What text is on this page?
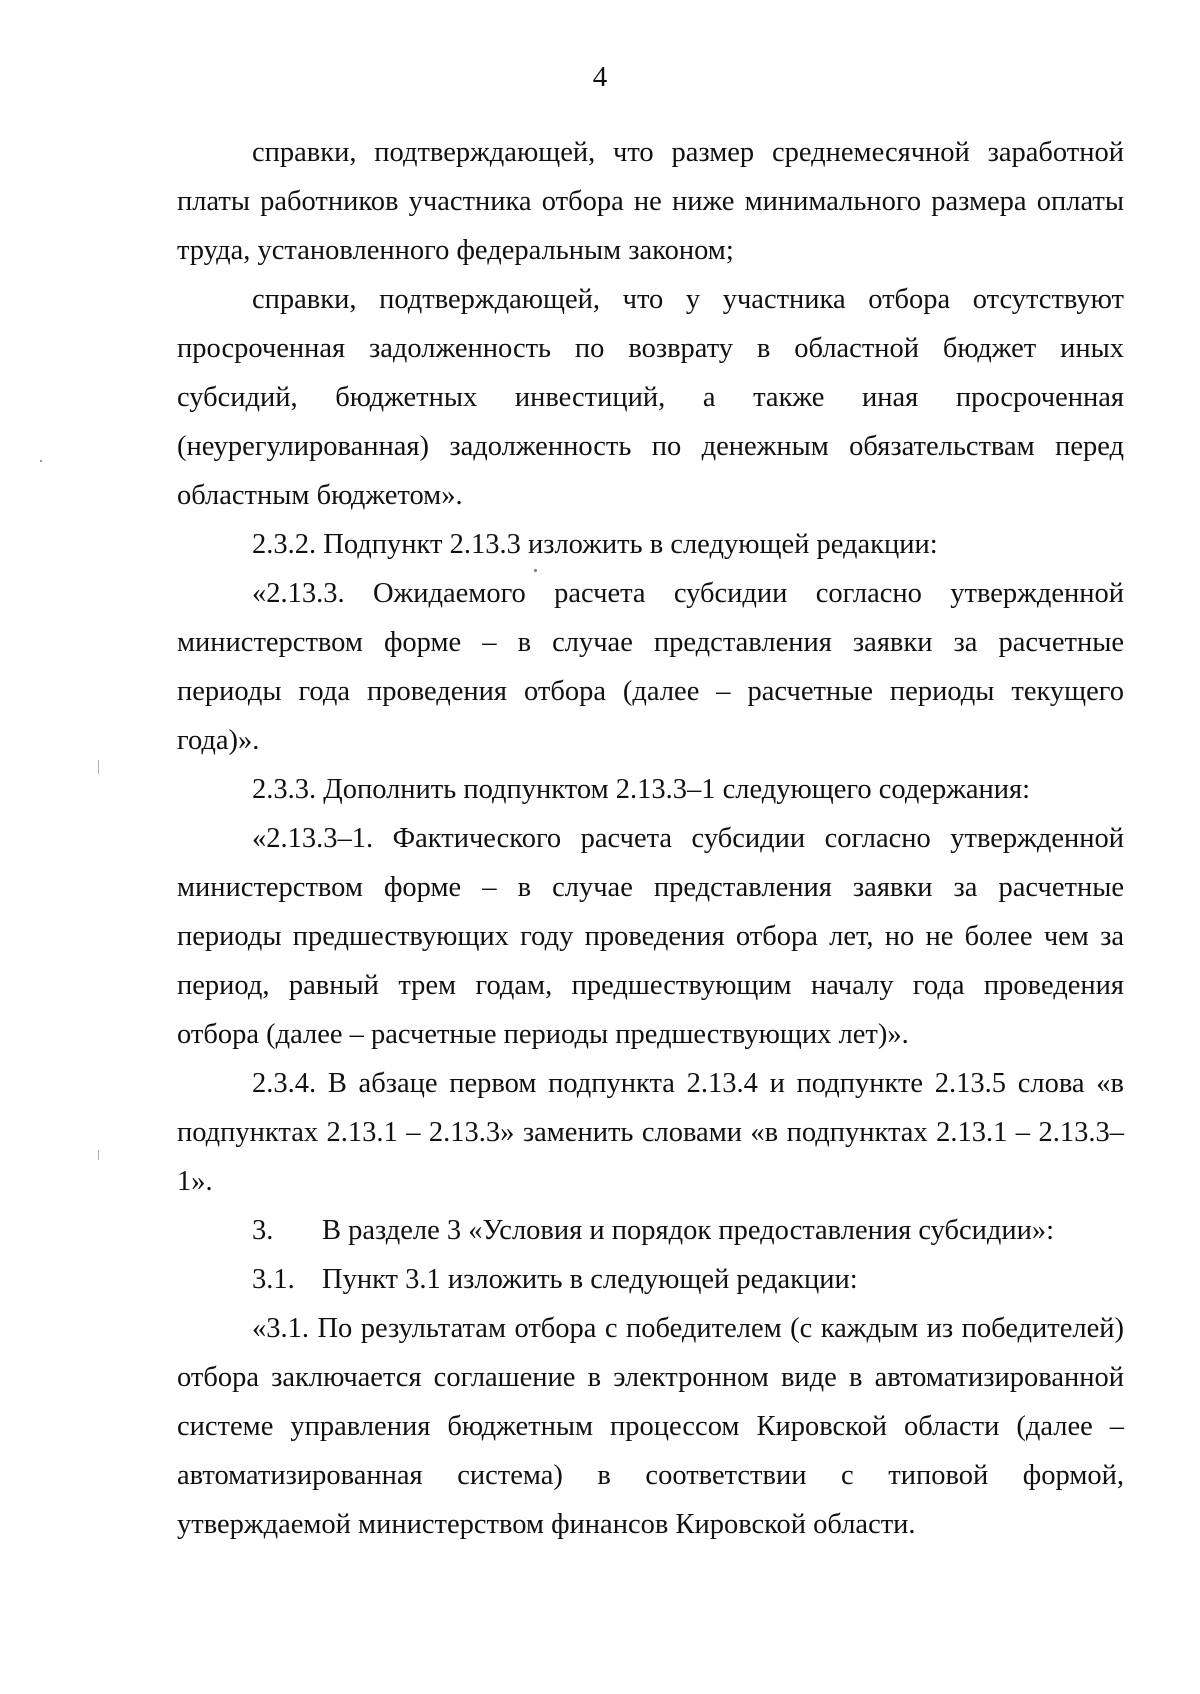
4

справки, подтверждающей, что размер среднемесячной заработной платы работников участника отбора не ниже минимального размера оплаты труда, установленного федеральным законом;

справки, подтверждающей, что у участника отбора отсутствуют просроченная задолженность по возврату в областной бюджет иных субсидий, бюджетных инвестиций, а также иная просроченная (неурегулированная) задолженность по денежным обязательствам перед областным бюджетом».

2.3.2. Подпункт 2.13.3 изложить в следующей редакции:

«2.13.3. Ожидаемого расчета субсидии согласно утвержденной министерством форме – в случае представления заявки за расчетные периоды года проведения отбора (далее – расчетные периоды текущего года)».

2.3.3. Дополнить подпунктом 2.13.3–1 следующего содержания:

«2.13.3–1. Фактического расчета субсидии согласно утвержденной министерством форме – в случае представления заявки за расчетные периоды предшествующих году проведения отбора лет, но не более чем за период, равный трем годам, предшествующим началу года проведения отбора (далее – расчетные периоды предшествующих лет)».

2.3.4. В абзаце первом подпункта 2.13.4 и подпункте 2.13.5 слова «в подпунктах 2.13.1 – 2.13.3» заменить словами «в подпунктах 2.13.1 – 2.13.3–1».

3. В разделе 3 «Условия и порядок предоставления субсидии»:

3.1. Пункт 3.1 изложить в следующей редакции:

«3.1. По результатам отбора с победителем (с каждым из победителей) отбора заключается соглашение в электронном виде в автоматизированной системе управления бюджетным процессом Кировской области (далее – автоматизированная система) в соответствии с типовой формой, утверждаемой министерством финансов Кировской области.
